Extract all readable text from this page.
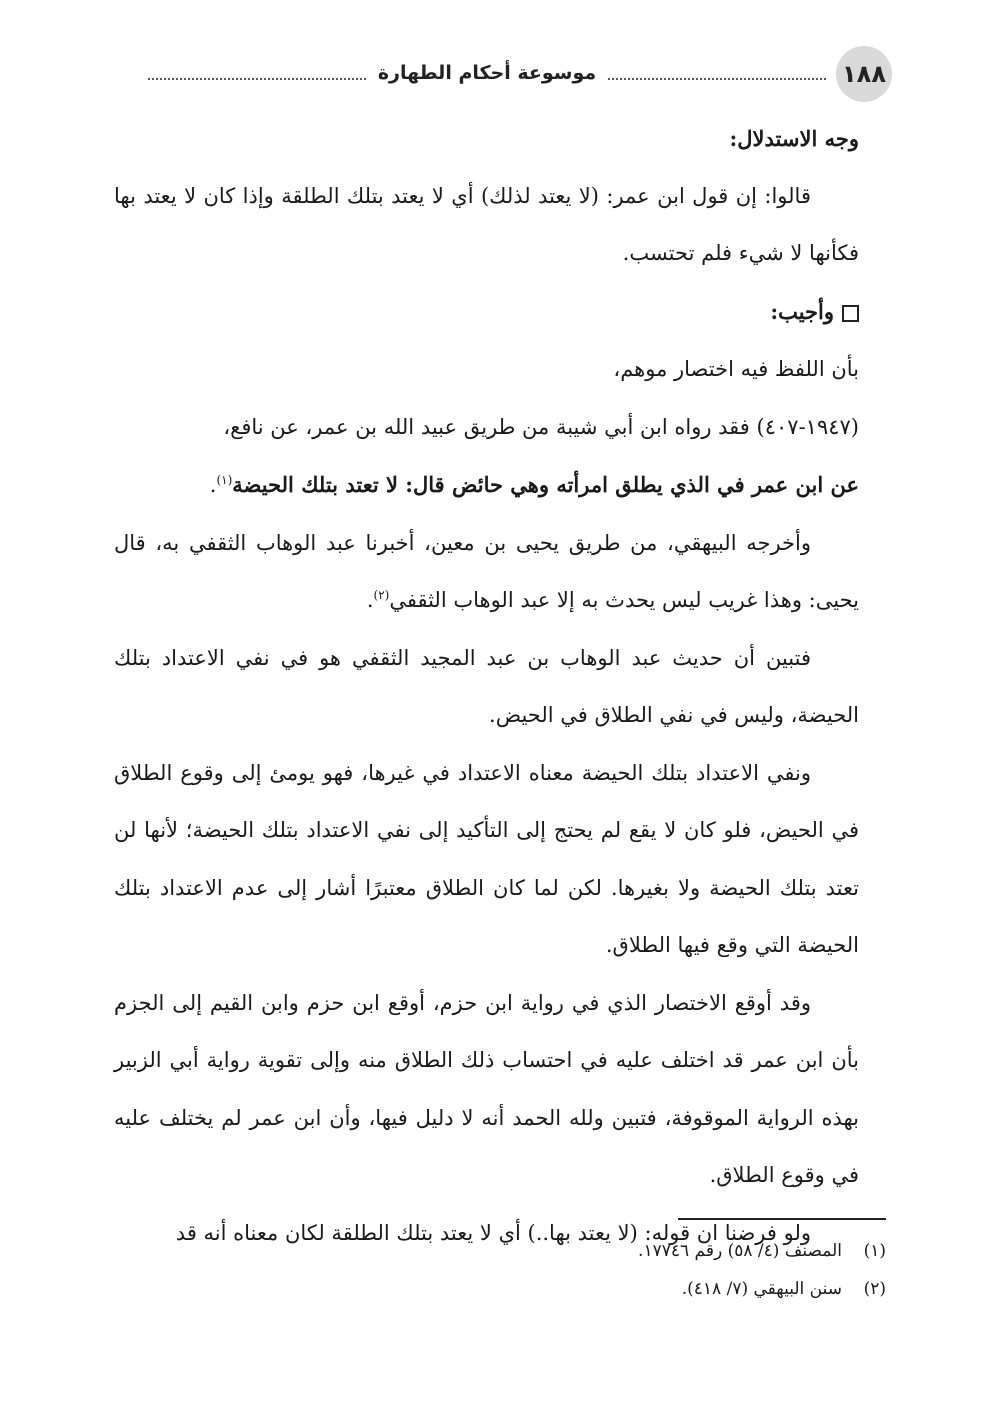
١٨٨
موسوعة أحكام الطهارة

وجه الاستدلال:

قالوا: إن قول ابن عمر: (لا يعتد لذلك) أي لا يعتد بتلك الطلقة وإذا كان لا يعتد بها فكأنها لا شيء فلم تحتسب.

وأجيب:

بأن اللفظ فيه اختصار موهم،

(١٩٤٧-٤٠٧) فقد رواه ابن أبي شيبة من طريق عبيد الله بن عمر، عن نافع،

عن ابن عمر في الذي يطلق امرأته وهي حائض قال: لا تعتد بتلك الحيضة$^{(١)}$.

وأخرجه البيهقي، من طريق يحيى بن معين، أخبرنا عبد الوهاب الثقفي به، قال يحيى: وهذا غريب ليس يحدث به إلا عبد الوهاب الثقفي$^{(٢)}$.

فتبين أن حديث عبد الوهاب بن عبد المجيد الثقفي هو في نفي الاعتداد بتلك الحيضة، وليس في نفي الطلاق في الحيض.

ونفي الاعتداد بتلك الحيضة معناه الاعتداد في غيرها، فهو يومئ إلى وقوع الطلاق في الحيض، فلو كان لا يقع لم يحتج إلى التأكيد إلى نفي الاعتداد بتلك الحيضة؛ لأنها لن تعتد بتلك الحيضة ولا بغيرها. لكن لما كان الطلاق معتبرًا أشار إلى عدم الاعتداد بتلك الحيضة التي وقع فيها الطلاق.

وقد أوقع الاختصار الذي في رواية ابن حزم، أوقع ابن حزم وابن القيم إلى الجزم بأن ابن عمر قد اختلف عليه في احتساب ذلك الطلاق منه وإلى تقوية رواية أبي الزبير بهذه الرواية الموقوفة، فتبين ولله الحمد أنه لا دليل فيها، وأن ابن عمر لم يختلف عليه في وقوع الطلاق.

ولو فرضنا ان قوله: (لا يعتد بها..) أي لا يعتد بتلك الطلقة لكان معناه أنه قد

(١)
المصنف (٤/ ٥٨) رقم ١٧٧٤٦.
(٢)
سنن البيهقي (٧/ ٤١٨).
